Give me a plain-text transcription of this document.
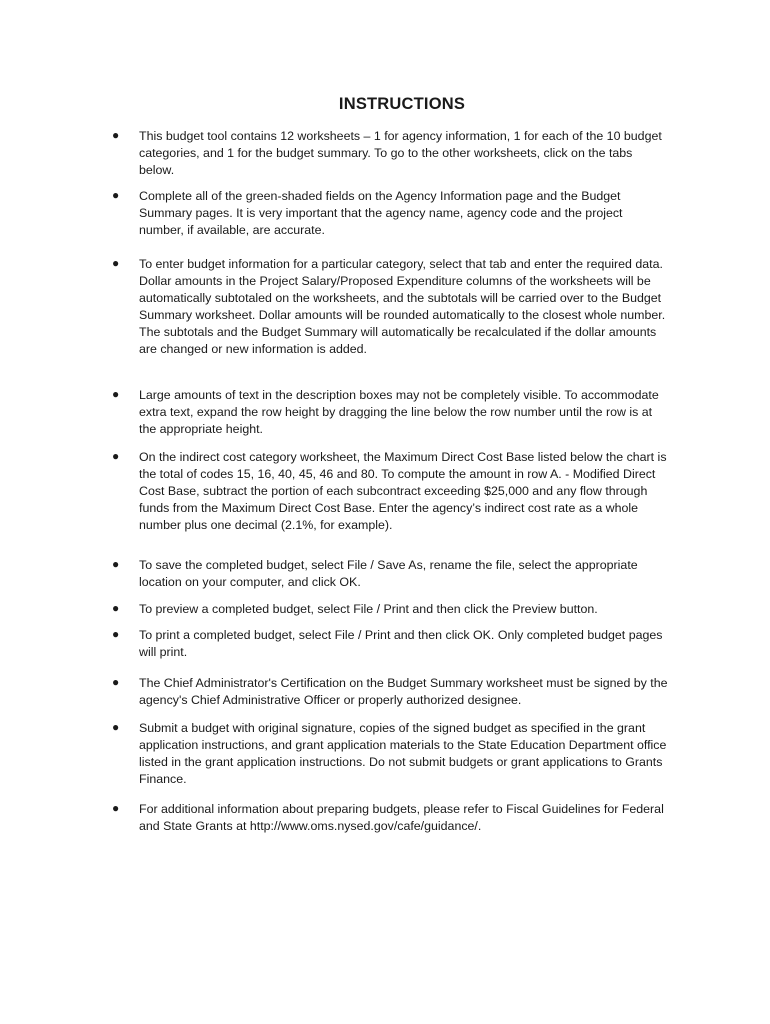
INSTRUCTIONS
● This budget tool contains 12 worksheets – 1 for agency information, 1 for each of the 10 budget categories, and 1 for the budget summary. To go to the other worksheets, click on the tabs below.
● Complete all of the green-shaded fields on the Agency Information page and the Budget Summary pages. It is very important that the agency name, agency code and the project number, if available, are accurate.
● To enter budget information for a particular category, select that tab and enter the required data. Dollar amounts in the Project Salary/Proposed Expenditure columns of the worksheets will be automatically subtotaled on the worksheets, and the subtotals will be carried over to the Budget Summary worksheet. Dollar amounts will be rounded automatically to the closest whole number. The subtotals and the Budget Summary will automatically be recalculated if the dollar amounts are changed or new information is added.
● Large amounts of text in the description boxes may not be completely visible. To accommodate extra text, expand the row height by dragging the line below the row number until the row is at the appropriate height.
● On the indirect cost category worksheet, the Maximum Direct Cost Base listed below the chart is the total of codes 15, 16, 40, 45, 46 and 80. To compute the amount in row A. - Modified Direct Cost Base, subtract the portion of each subcontract exceeding $25,000 and any flow through funds from the Maximum Direct Cost Base. Enter the agency’s indirect cost rate as a whole number plus one decimal (2.1%, for example).
● To save the completed budget, select File / Save As, rename the file, select the appropriate location on your computer, and click OK.
● To preview a completed budget, select File / Print and then click the Preview button.
● To print a completed budget, select File / Print and then click OK. Only completed budget pages will print.
● The Chief Administrator's Certification on the Budget Summary worksheet must be signed by the agency's Chief Administrative Officer or properly authorized designee.
● Submit a budget with original signature, copies of the signed budget as specified in the grant application instructions, and grant application materials to the State Education Department office listed in the grant application instructions. Do not submit budgets or grant applications to Grants Finance.
● For additional information about preparing budgets, please refer to Fiscal Guidelines for Federal and State Grants at http://www.oms.nysed.gov/cafe/guidance/.
